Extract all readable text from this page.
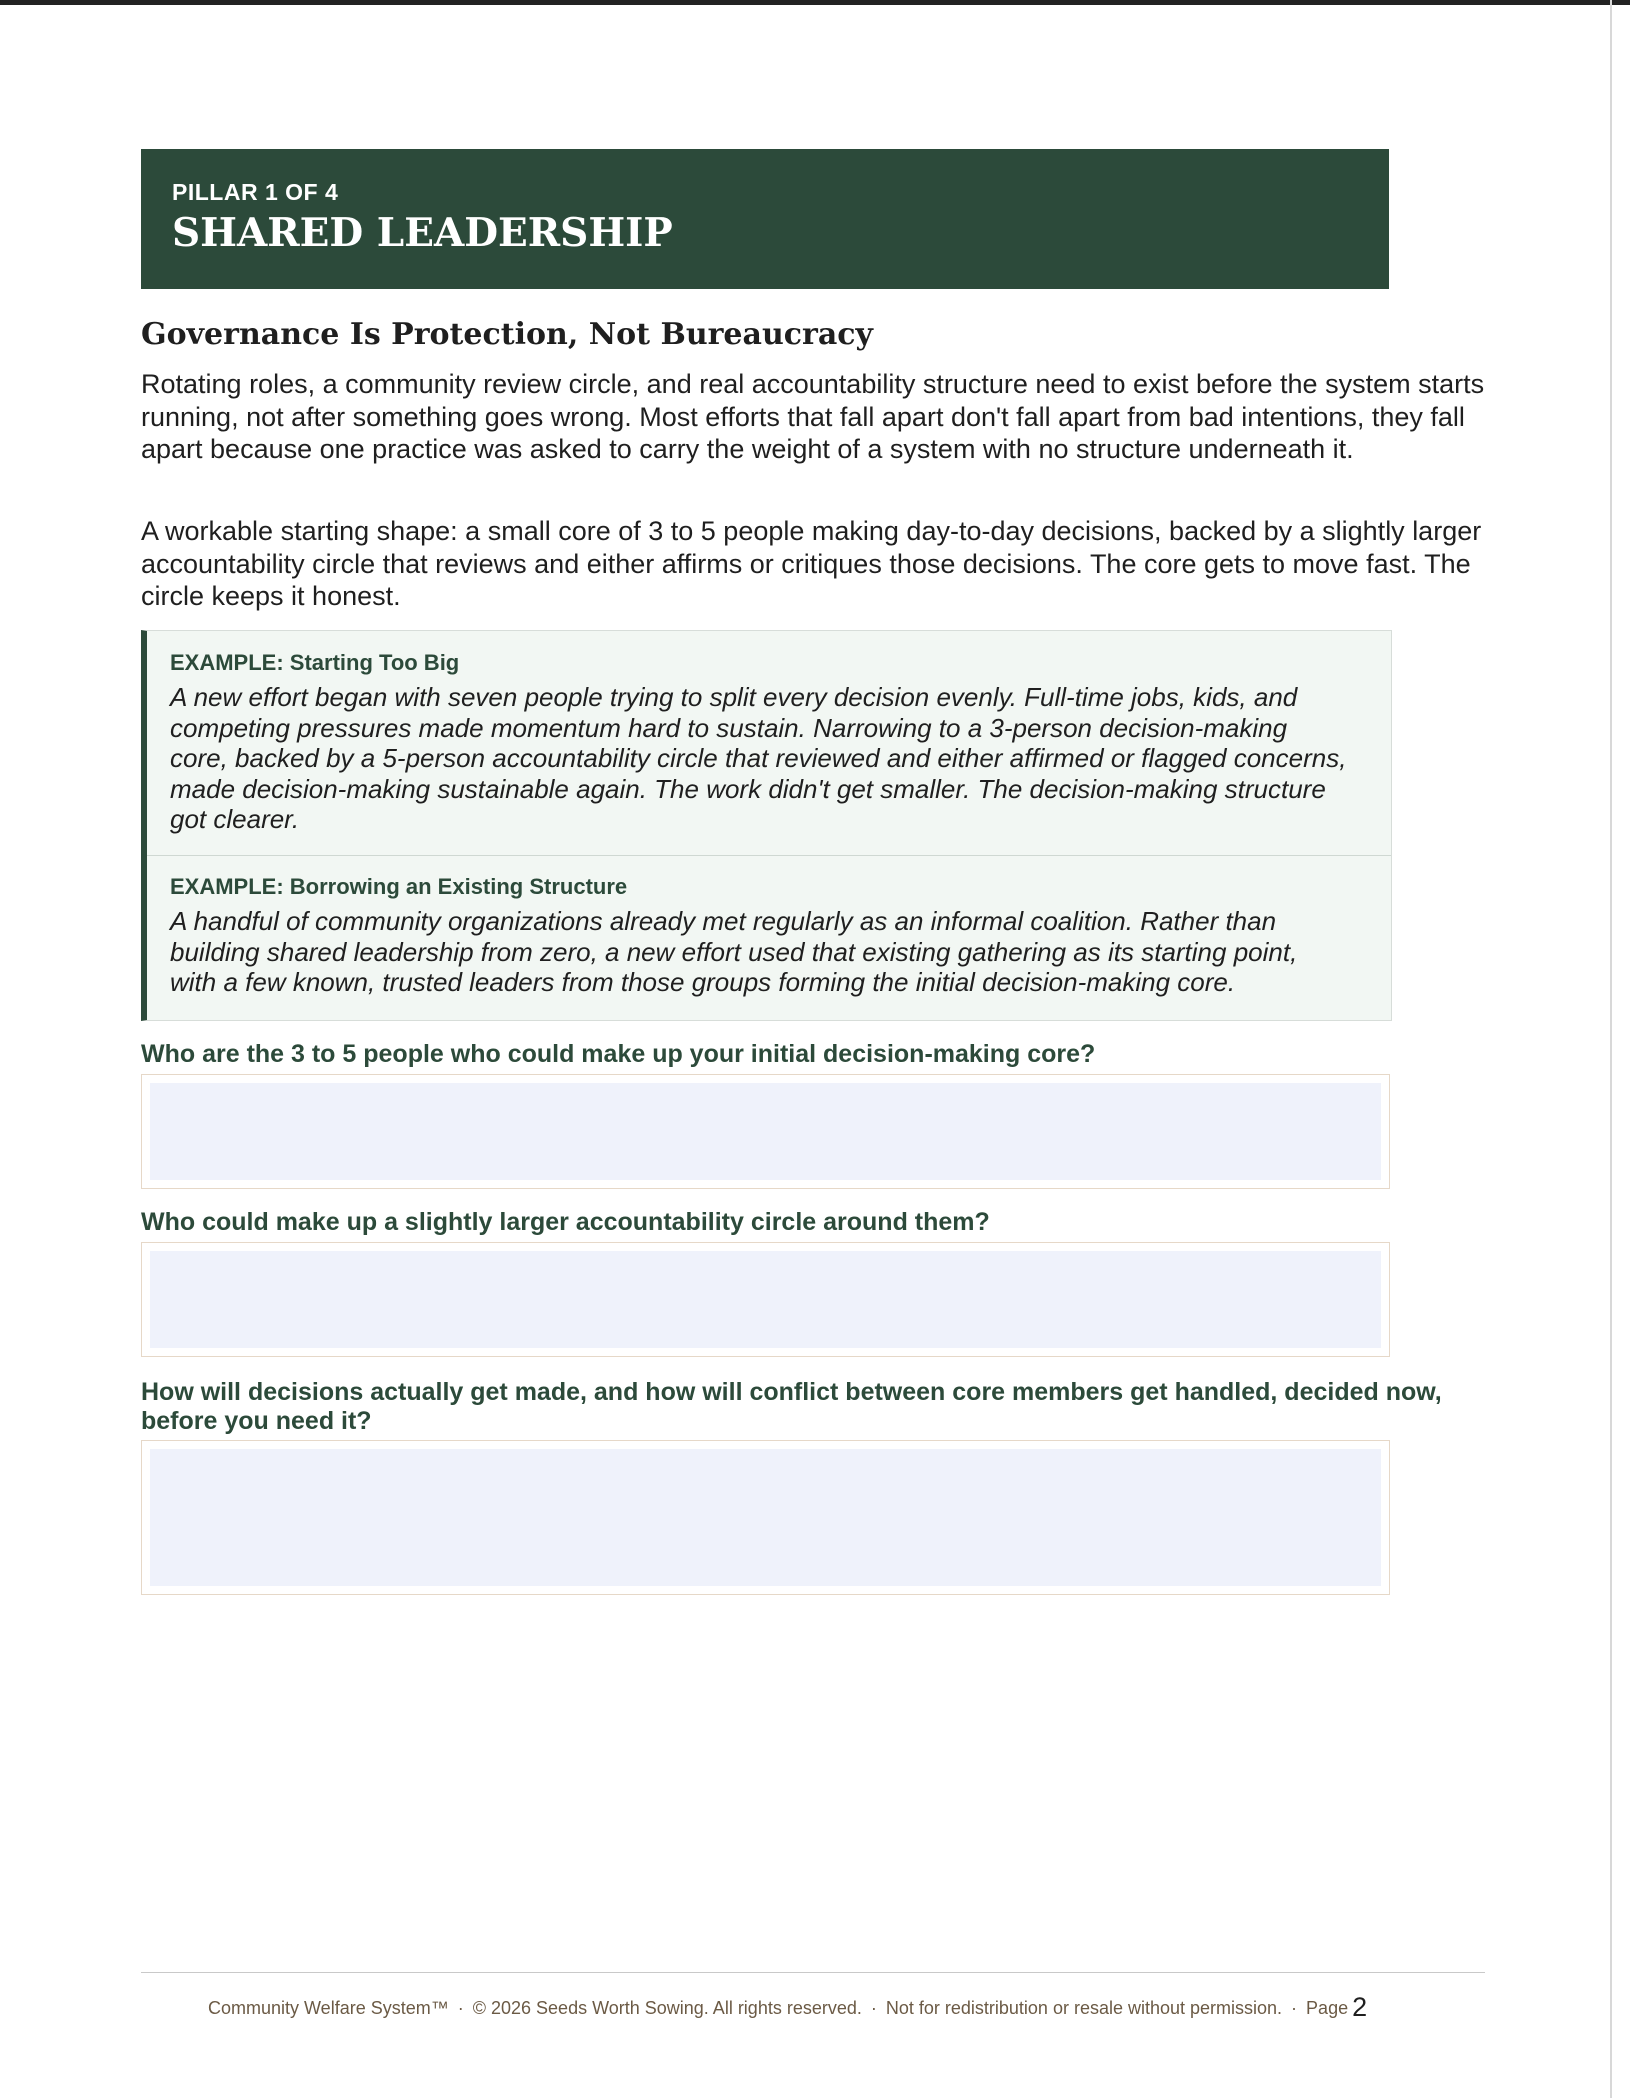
PILLAR 1 OF 4
SHARED LEADERSHIP
Governance Is Protection, Not Bureaucracy
Rotating roles, a community review circle, and real accountability structure need to exist before the system starts running, not after something goes wrong. Most efforts that fall apart don't fall apart from bad intentions, they fall apart because one practice was asked to carry the weight of a system with no structure underneath it.
A workable starting shape: a small core of 3 to 5 people making day-to-day decisions, backed by a slightly larger accountability circle that reviews and either affirms or critiques those decisions. The core gets to move fast. The circle keeps it honest.
EXAMPLE: Starting Too Big
A new effort began with seven people trying to split every decision evenly. Full-time jobs, kids, and competing pressures made momentum hard to sustain. Narrowing to a 3-person decision-making core, backed by a 5-person accountability circle that reviewed and either affirmed or flagged concerns, made decision-making sustainable again. The work didn't get smaller. The decision-making structure got clearer.
EXAMPLE: Borrowing an Existing Structure
A handful of community organizations already met regularly as an informal coalition. Rather than building shared leadership from zero, a new effort used that existing gathering as its starting point, with a few known, trusted leaders from those groups forming the initial decision-making core.
Who are the 3 to 5 people who could make up your initial decision-making core?
Who could make up a slightly larger accountability circle around them?
How will decisions actually get made, and how will conflict between core members get handled, decided now, before you need it?
Community Welfare System™ · © 2026 Seeds Worth Sowing. All rights reserved. · Not for redistribution or resale without permission. · Page 2
